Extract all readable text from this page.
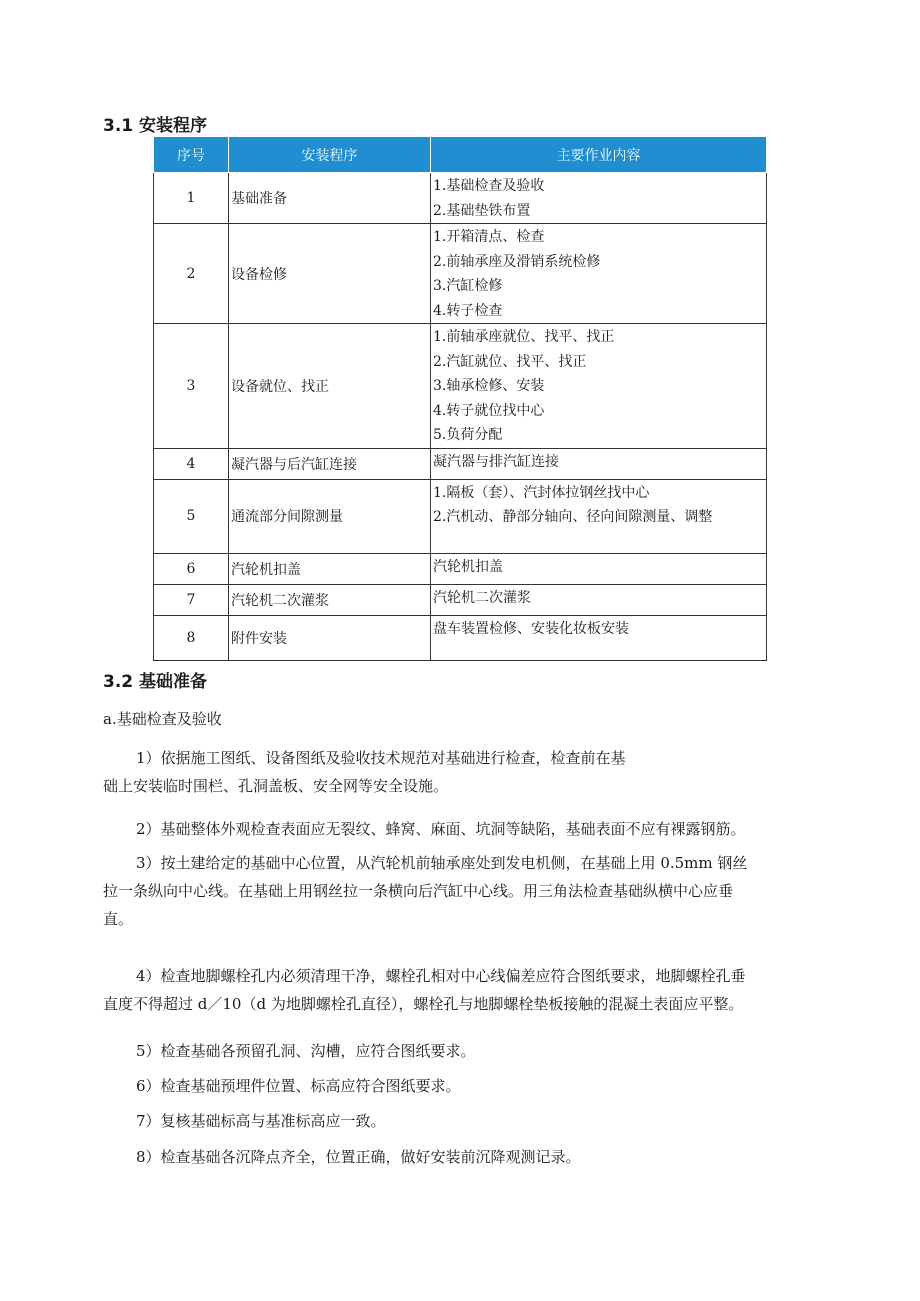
3.1 安装程序
序号	安装程序	主要作业内容
1	基础准备	1.基础检查及验收
2.基础垫铁布置

2	设备检修	1.开箱清点、检查
2.前轴承座及滑销系统检修
3.汽缸检修
4.转子检查

3	设备就位、找正	1.前轴承座就位、找平、找正
2.汽缸就位、找平、找正
3.轴承检修、安装
4.转子就位找中心
5.负荷分配

4	凝汽器与后汽缸连接	凝汽器与排汽缸连接

5	通流部分间隙测量	1.隔板（套）、汽封体拉钢丝找中心
2.汽机动、静部分轴向、径向间隙测量、调整

6	汽轮机扣盖	汽轮机扣盖

7	汽轮机二次灌浆	汽轮机二次灌浆

8	附件安装	盘车装置检修、安装化妆板安装
3.2 基础准备

a.基础检查及验收

1）依据施工图纸、设备图纸及验收技术规范对基础进行检查，检查前在基
础上安装临时围栏、孔洞盖板、安全网等安全设施。

2）基础整体外观检查表面应无裂纹、蜂窝、麻面、坑洞等缺陷，基础表面不应有裸露钢筋。

3）按土建给定的基础中心位置，从汽轮机前轴承座处到发电机侧，在基础上用 0.5mm 钢丝
拉一条纵向中心线。在基础上用钢丝拉一条横向后汽缸中心线。用三角法检查基础纵横中心应垂
直。

4）检查地脚螺栓孔内必须清理干净，螺栓孔相对中心线偏差应符合图纸要求，地脚螺栓孔垂
直度不得超过 d／10（d 为地脚螺栓孔直径），螺栓孔与地脚螺栓垫板接触的混凝土表面应平整。

5）检查基础各预留孔洞、沟槽，应符合图纸要求。

6）检查基础预埋件位置、标高应符合图纸要求。

7）复核基础标高与基准标高应一致。

8）检查基础各沉降点齐全，位置正确，做好安装前沉降观测记录。
